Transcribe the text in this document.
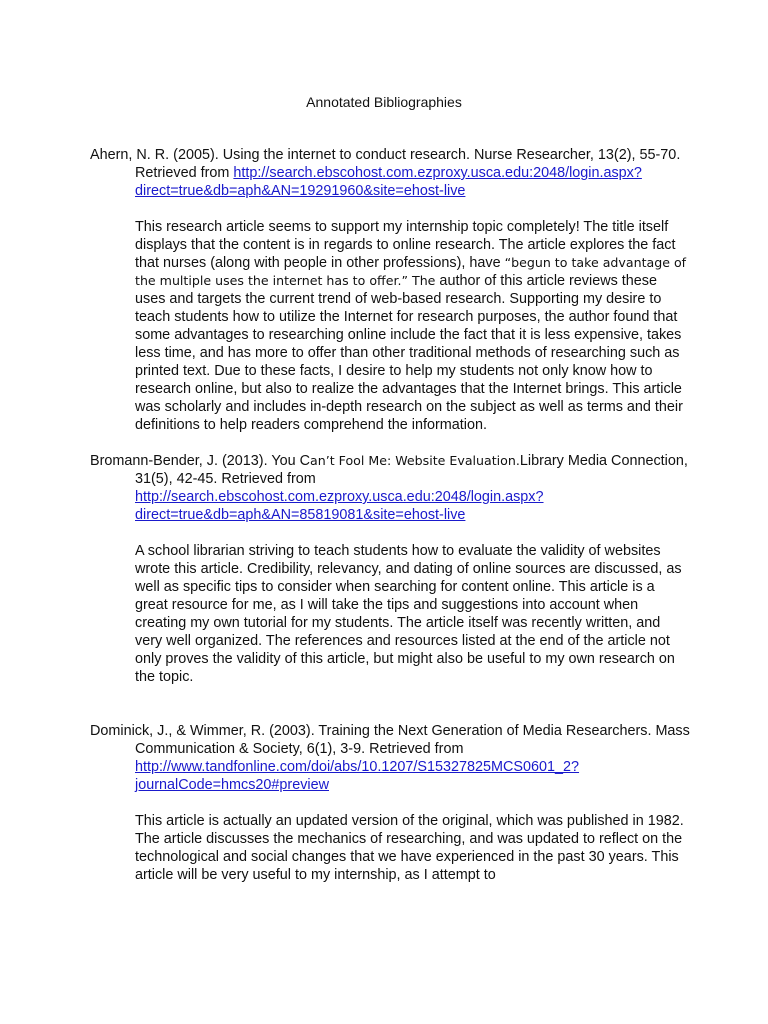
Annotated Bibliographies

Ahern, N. R. (2005). Using the internet to conduct research. Nurse Researcher, 13(2), 55-70. Retrieved from http://search.ebscohost.com.ezproxy.usca.edu:2048/login.aspx?direct=true&db=aph&AN=19291960&site=ehost-live

This research article seems to support my internship topic completely! The title itself displays that the content is in regards to online research. The article explores the fact that nurses (along with people in other professions), have “begun to take advantage of the multiple uses the internet has to offer.” The author of this article reviews these uses and targets the current trend of web-based research. Supporting my desire to teach students how to utilize the Internet for research purposes, the author found that some advantages to researching online include the fact that it is less expensive, takes less time, and has more to offer than other traditional methods of researching such as printed text. Due to these facts, I desire to help my students not only know how to research online, but also to realize the advantages that the Internet brings. This article was scholarly and includes in-depth research on the subject as well as terms and their definitions to help readers comprehend the information.

Bromann-Bender, J. (2013). You Can’t Fool Me: Website Evaluation.Library Media Connection, 31(5), 42-45. Retrieved from http://search.ebscohost.com.ezproxy.usca.edu:2048/login.aspx?direct=true&db=aph&AN=85819081&site=ehost-live

A school librarian striving to teach students how to evaluate the validity of websites wrote this article. Credibility, relevancy, and dating of online sources are discussed, as well as specific tips to consider when searching for content online. This article is a great resource for me, as I will take the tips and suggestions into account when creating my own tutorial for my students. The article itself was recently written, and very well organized. The references and resources listed at the end of the article not only proves the validity of this article, but might also be useful to my own research on the topic.

Dominick, J., & Wimmer, R. (2003). Training the Next Generation of Media Researchers. Mass Communication & Society, 6(1), 3-9. Retrieved from http://www.tandfonline.com/doi/abs/10.1207/S15327825MCS0601_2?journalCode=hmcs20#preview

This article is actually an updated version of the original, which was published in 1982. The article discusses the mechanics of researching, and was updated to reflect on the technological and social changes that we have experienced in the past 30 years. This article will be very useful to my internship, as I attempt to
